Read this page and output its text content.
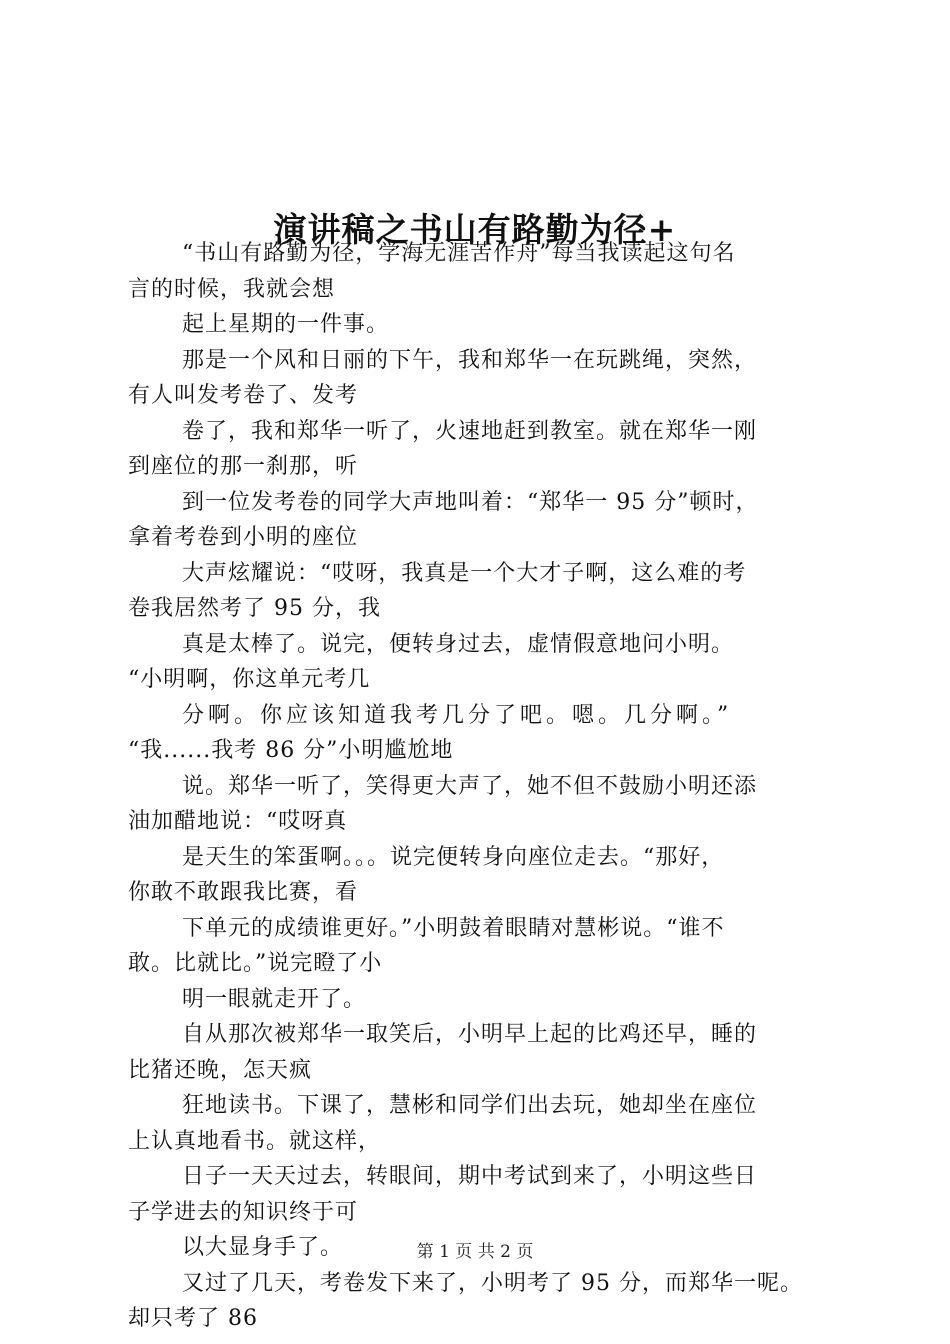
演讲稿之书山有路勤为径+
“书山有路勤为径，学海无涯苦作舟”每当我读起这句名
言的时候，我就会想
起上星期的一件事。
那是一个风和日丽的下午，我和郑华一在玩跳绳，突然，
有人叫发考卷了、发考
卷了，我和郑华一听了，火速地赶到教室。就在郑华一刚
到座位的那一刹那，听
到一位发考卷的同学大声地叫着：“郑华一 95 分”顿时，
拿着考卷到小明的座位
大声炫耀说：“哎呀，我真是一个大才子啊，这么难的考
卷我居然考了 95 分，我
真是太棒了。说完，便转身过去，虚情假意地问小明。
“小明啊，你这单元考几
分啊。你应该知道我考几分了吧。嗯。几分啊。”
“我......我考 86 分”小明尴尬地
说。郑华一听了，笑得更大声了，她不但不鼓励小明还添
油加醋地说：“哎呀真
是天生的笨蛋啊。。。说完便转身向座位走去。“那好，
你敢不敢跟我比赛，看
下单元的成绩谁更好。”小明鼓着眼睛对慧彬说。“谁不
敢。比就比。”说完瞪了小
明一眼就走开了。
自从那次被郑华一取笑后，小明早上起的比鸡还早，睡的
比猪还晚，怎天疯
狂地读书。下课了，慧彬和同学们出去玩，她却坐在座位
上认真地看书。就这样，
日子一天天过去，转眼间，期中考试到来了，小明这些日
子学进去的知识终于可
以大显身手了。
又过了几天，考卷发下来了，小明考了 95 分，而郑华一呢。
却只考了 86
第 1 页 共 2 页
